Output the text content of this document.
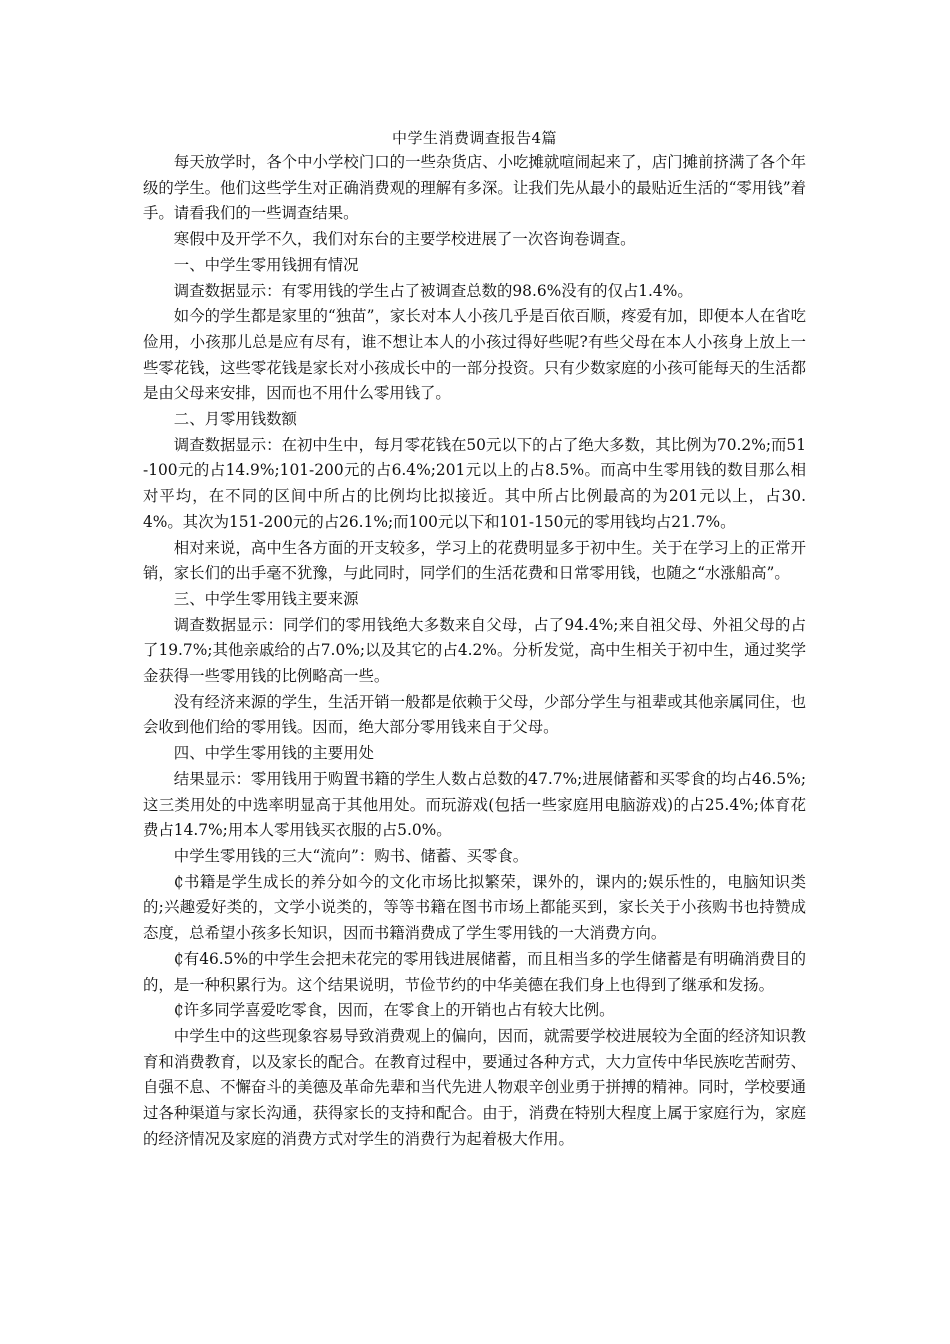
中学生消费调查报告4篇

每天放学时，各个中小学校门口的一些杂货店、小吃摊就喧闹起来了，店门摊前挤满了各个年级的学生。他们这些学生对正确消费观的理解有多深。让我们先从最小的最贴近生活的“零用钱”着手。请看我们的一些调查结果。

寒假中及开学不久，我们对东台的主要学校进展了一次咨询卷调查。

一、中学生零用钱拥有情况

调查数据显示：有零用钱的学生占了被调查总数的98.6%没有的仅占1.4%。

如今的学生都是家里的“独苗”，家长对本人小孩几乎是百依百顺，疼爱有加，即便本人在省吃俭用，小孩那儿总是应有尽有，谁不想让本人的小孩过得好些呢?有些父母在本人小孩身上放上一些零花钱，这些零花钱是家长对小孩成长中的一部分投资。只有少数家庭的小孩可能每天的生活都是由父母来安排，因而也不用什么零用钱了。

二、月零用钱数额

调查数据显示：在初中生中，每月零花钱在50元以下的占了绝大多数，其比例为70.2%;而51-100元的占14.9%;101-200元的占6.4%;201元以上的占8.5%。而高中生零用钱的数目那么相对平均，在不同的区间中所占的比例均比拟接近。其中所占比例最高的为201元以上，占30.4%。其次为151-200元的占26.1%;而100元以下和101-150元的零用钱均占21.7%。

相对来说，高中生各方面的开支较多，学习上的花费明显多于初中生。关于在学习上的正常开销，家长们的出手毫不犹豫，与此同时，同学们的生活花费和日常零用钱，也随之“水涨船高”。

三、中学生零用钱主要来源

调查数据显示：同学们的零用钱绝大多数来自父母，占了94.4%;来自祖父母、外祖父母的占了19.7%;其他亲戚给的占7.0%;以及其它的占4.2%。分析发觉，高中生相关于初中生，通过奖学金获得一些零用钱的比例略高一些。

没有经济来源的学生，生活开销一般都是依赖于父母，少部分学生与祖辈或其他亲属同住，也会收到他们给的零用钱。因而，绝大部分零用钱来自于父母。

四、中学生零用钱的主要用处

结果显示：零用钱用于购置书籍的学生人数占总数的47.7%;进展储蓄和买零食的均占46.5%;这三类用处的中选率明显高于其他用处。而玩游戏(包括一些家庭用电脑游戏)的占25.4%;体育花费占14.7%;用本人零用钱买衣服的占5.0%。

中学生零用钱的三大“流向”：购书、储蓄、买零食。

₵书籍是学生成长的养分如今的文化市场比拟繁荣，课外的，课内的;娱乐性的，电脑知识类的;兴趣爱好类的，文学小说类的，等等书籍在图书市场上都能买到，家长关于小孩购书也持赞成态度，总希望小孩多长知识，因而书籍消费成了学生零用钱的一大消费方向。

₵有46.5%的中学生会把未花完的零用钱进展储蓄，而且相当多的学生储蓄是有明确消费目的的，是一种积累行为。这个结果说明，节俭节约的中华美德在我们身上也得到了继承和发扬。

₵许多同学喜爱吃零食，因而，在零食上的开销也占有较大比例。

中学生中的这些现象容易导致消费观上的偏向，因而，就需要学校进展较为全面的经济知识教育和消费教育，以及家长的配合。在教育过程中，要通过各种方式，大力宣传中华民族吃苦耐劳、自强不息、不懈奋斗的美德及革命先辈和当代先进人物艰辛创业勇于拼搏的精神。同时，学校要通过各种渠道与家长沟通，获得家长的支持和配合。由于，消费在特别大程度上属于家庭行为，家庭的经济情况及家庭的消费方式对学生的消费行为起着极大作用。
